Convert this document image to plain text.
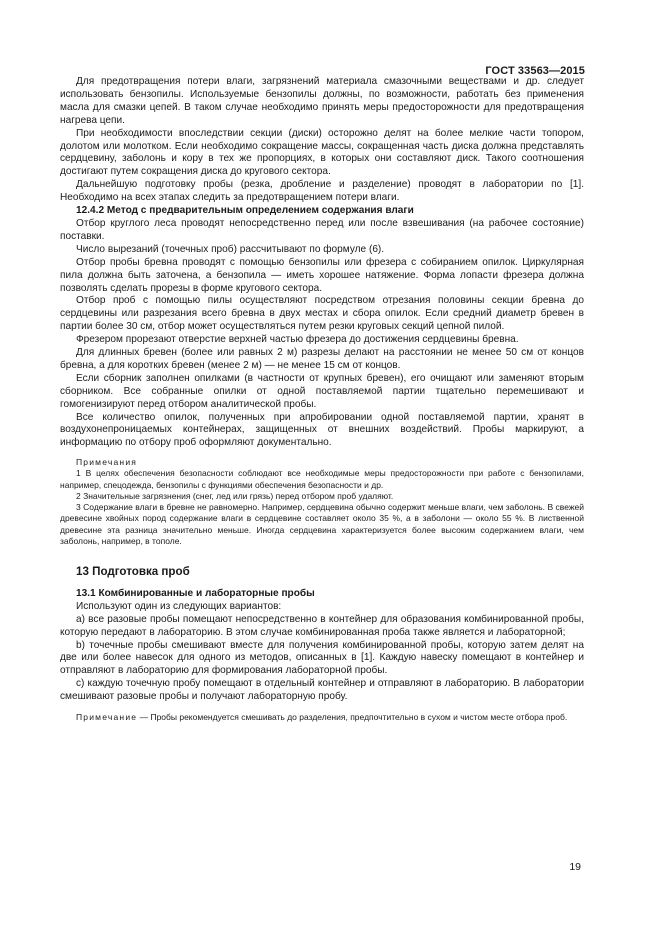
ГОСТ 33563—2015

Для предотвращения потери влаги, загрязнений материала смазочными веществами и др. следует использовать бензопилы. Используемые бензопилы должны, по возможности, работать без применения масла для смазки цепей. В таком случае необходимо принять меры предосторожности для предотвращения нагрева цепи.

При необходимости впоследствии секции (диски) осторожно делят на более мелкие части топором, долотом или молотком. Если необходимо сокращение массы, сокращенная часть диска должна представлять сердцевину, заболонь и кору в тех же пропорциях, в которых они составляют диск. Такого соотношения достигают путем сокращения диска до кругового сектора.

Дальнейшую подготовку пробы (резка, дробление и разделение) проводят в лаборатории по [1]. Необходимо на всех этапах следить за предотвращением потери влаги.

12.4.2 Метод с предварительным определением содержания влаги

Отбор круглого леса проводят непосредственно перед или после взвешивания (на рабочее состояние) поставки.

Число вырезаний (точечных проб) рассчитывают по формуле (6).

Отбор пробы бревна проводят с помощью бензопилы или фрезера с собиранием опилок. Циркулярная пила должна быть заточена, а бензопила — иметь хорошее натяжение. Форма лопасти фрезера должна позволять сделать прорезы в форме кругового сектора.

Отбор проб с помощью пилы осуществляют посредством отрезания половины секции бревна до сердцевины или разрезания всего бревна в двух местах и сбора опилок. Если средний диаметр бревен в партии более 30 см, отбор может осуществляться путем резки круговых секций цепной пилой.

Фрезером прорезают отверстие верхней частью фрезера до достижения сердцевины бревна.

Для длинных бревен (более или равных 2 м) разрезы делают на расстоянии не менее 50 см от концов бревна, а для коротких бревен (менее 2 м) — не менее 15 см от концов.

Если сборник заполнен опилками (в частности от крупных бревен), его очищают или заменяют вторым сборником. Все собранные опилки от одной поставляемой партии тщательно перемешивают и гомогенизируют перед отбором аналитической пробы.

Все количество опилок, полученных при апробировании одной поставляемой партии, хранят в воздухонепроницаемых контейнерах, защищенных от внешних воздействий. Пробы маркируют, а информацию по отбору проб оформляют документально.

Примечания

1 В целях обеспечения безопасности соблюдают все необходимые меры предосторожности при работе с бензопилами, например, спецодежда, бензопилы с функциями обеспечения безопасности и др.

2 Значительные загрязнения (снег, лед или грязь) перед отбором проб удаляют.

3 Содержание влаги в бревне не равномерно. Например, сердцевина обычно содержит меньше влаги, чем заболонь. В свежей древесине хвойных пород содержание влаги в сердцевине составляет около 35 %, а в заболони — около 55 %. В лиственной древесине эта разница значительно меньше. Иногда сердцевина характеризуется более высоким содержанием влаги, чем заболонь, например, в тополе.

13 Подготовка проб

13.1 Комбинированные и лабораторные пробы

Используют один из следующих вариантов:

a) все разовые пробы помещают непосредственно в контейнер для образования комбинированной пробы, которую передают в лабораторию. В этом случае комбинированная проба также является и лабораторной;

b) точечные пробы смешивают вместе для получения комбинированной пробы, которую затем делят на две или более навесок для одного из методов, описанных в [1]. Каждую навеску помещают в контейнер и отправляют в лабораторию для формирования лабораторной пробы.

c) каждую точечную пробу помещают в отдельный контейнер и отправляют в лабораторию. В лаборатории смешивают разовые пробы и получают лабораторную пробу.

Примечание — Пробы рекомендуется смешивать до разделения, предпочтительно в сухом и чистом месте отбора проб.

19
